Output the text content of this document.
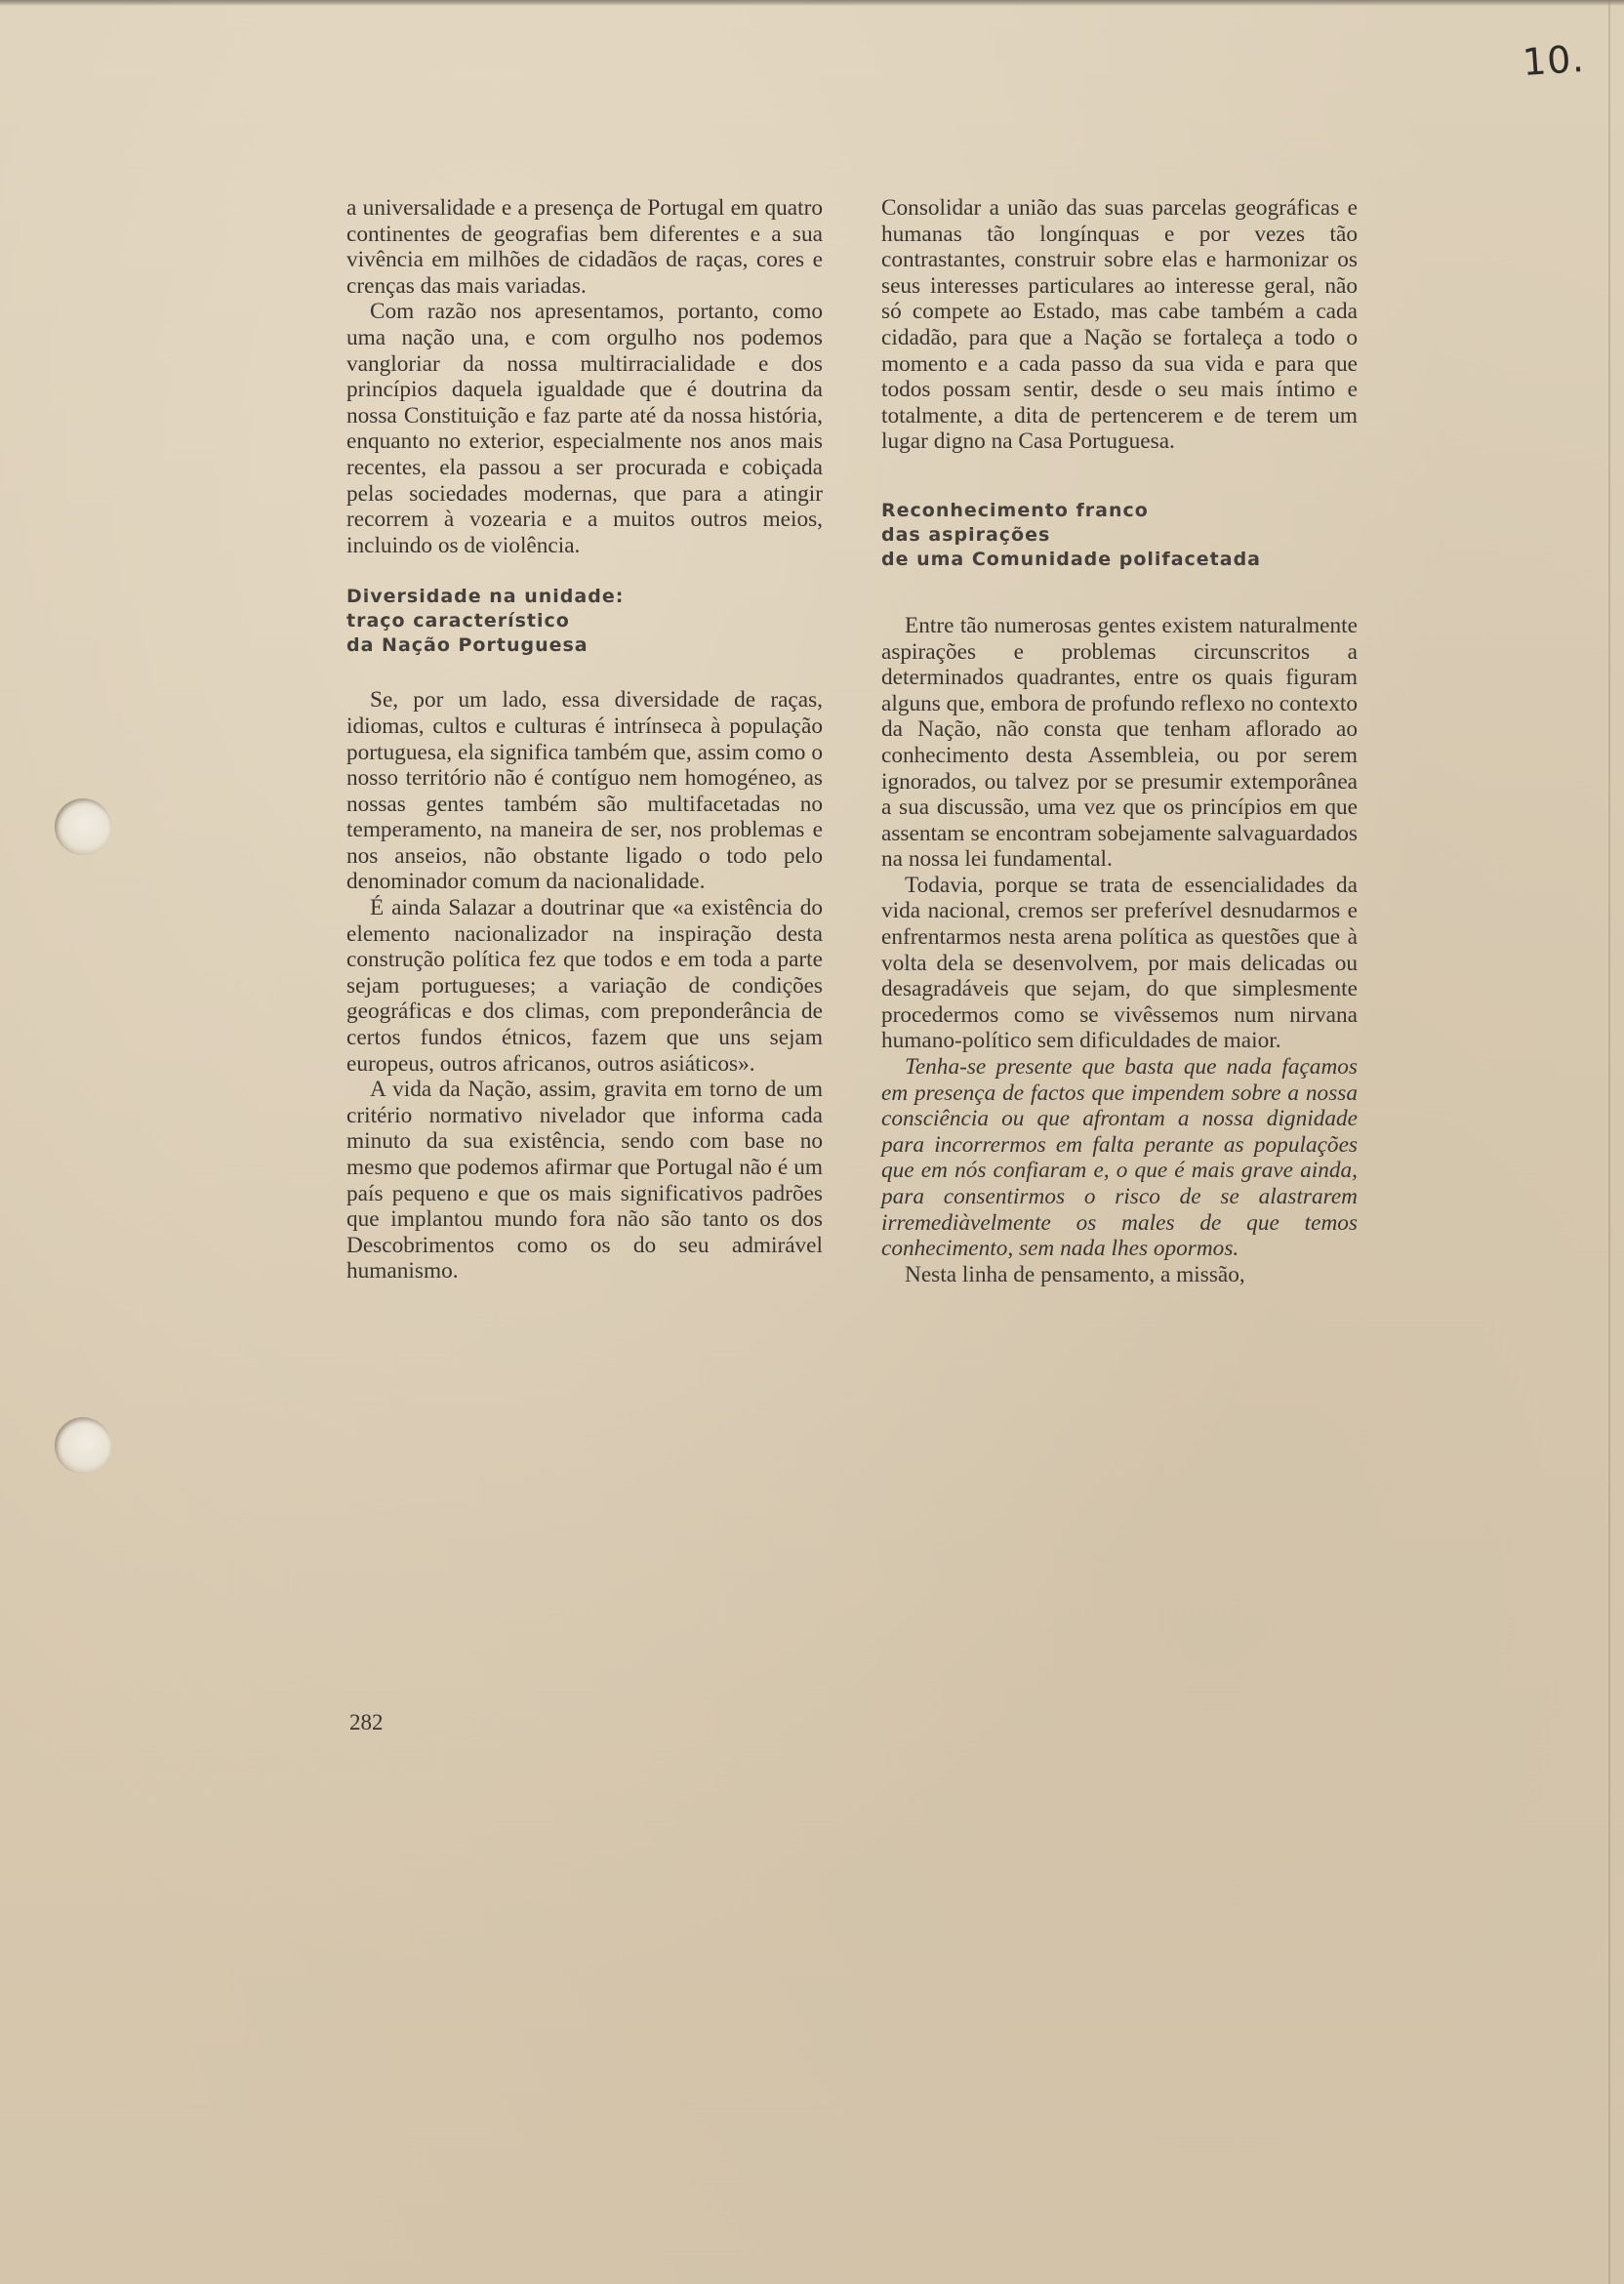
10.

a universalidade e a presença de Portugal em quatro continentes de geografias bem diferentes e a sua vivência em milhões de cidadãos de raças, cores e crenças das mais variadas.

Com razão nos apresentamos, portanto, como uma nação una, e com orgulho nos podemos vangloriar da nossa multirracialidade e dos princípios daquela igualdade que é doutrina da nossa Constituição e faz parte até da nossa história, enquanto no exterior, especialmente nos anos mais recentes, ela passou a ser procurada e cobiçada pelas sociedades modernas, que para a atingir recorrem à vozearia e a muitos outros meios, incluindo os de violência.

Diversidade na unidade:
traço característico
da Nação Portuguesa

Se, por um lado, essa diversidade de raças, idiomas, cultos e culturas é intrínseca à população portuguesa, ela significa também que, assim como o nosso território não é contíguo nem homogéneo, as nossas gentes também são multifacetadas no temperamento, na maneira de ser, nos problemas e nos anseios, não obstante ligado o todo pelo denominador comum da nacionalidade.

É ainda Salazar a doutrinar que «a existência do elemento nacionalizador na inspiração desta construção política fez que todos e em toda a parte sejam portugueses; a variação de condições geográficas e dos climas, com preponderância de certos fundos étnicos, fazem que uns sejam europeus, outros africanos, outros asiáticos».

A vida da Nação, assim, gravita em torno de um critério normativo nivelador que informa cada minuto da sua existência, sendo com base no mesmo que podemos afirmar que Portugal não é um país pequeno e que os mais significativos padrões que implantou mundo fora não são tanto os dos Descobrimentos como os do seu admirável humanismo.

Consolidar a união das suas parcelas geográficas e humanas tão longínquas e por vezes tão contrastantes, construir sobre elas e harmonizar os seus interesses particulares ao interesse geral, não só compete ao Estado, mas cabe também a cada cidadão, para que a Nação se fortaleça a todo o momento e a cada passo da sua vida e para que todos possam sentir, desde o seu mais íntimo e totalmente, a dita de pertencerem e de terem um lugar digno na Casa Portuguesa.

Reconhecimento franco
das aspirações
de uma Comunidade polifacetada

Entre tão numerosas gentes existem naturalmente aspirações e problemas circunscritos a determinados quadrantes, entre os quais figuram alguns que, embora de profundo reflexo no contexto da Nação, não consta que tenham aflorado ao conhecimento desta Assembleia, ou por serem ignorados, ou talvez por se presumir extemporânea a sua discussão, uma vez que os princípios em que assentam se encontram sobejamente salvaguardados na nossa lei fundamental.

Todavia, porque se trata de essencialidades da vida nacional, cremos ser preferível desnudarmos e enfrentarmos nesta arena política as questões que à volta dela se desenvolvem, por mais delicadas ou desagradáveis que sejam, do que simplesmente procedermos como se vivêssemos num nirvana humano-político sem dificuldades de maior.

Tenha-se presente que basta que nada façamos em presença de factos que impendem sobre a nossa consciência ou que afrontam a nossa dignidade para incorrermos em falta perante as populações que em nós confiaram e, o que é mais grave ainda, para consentirmos o risco de se alastrarem irremediàvelmente os males de que temos conhecimento, sem nada lhes opormos.

Nesta linha de pensamento, a missão,

282
